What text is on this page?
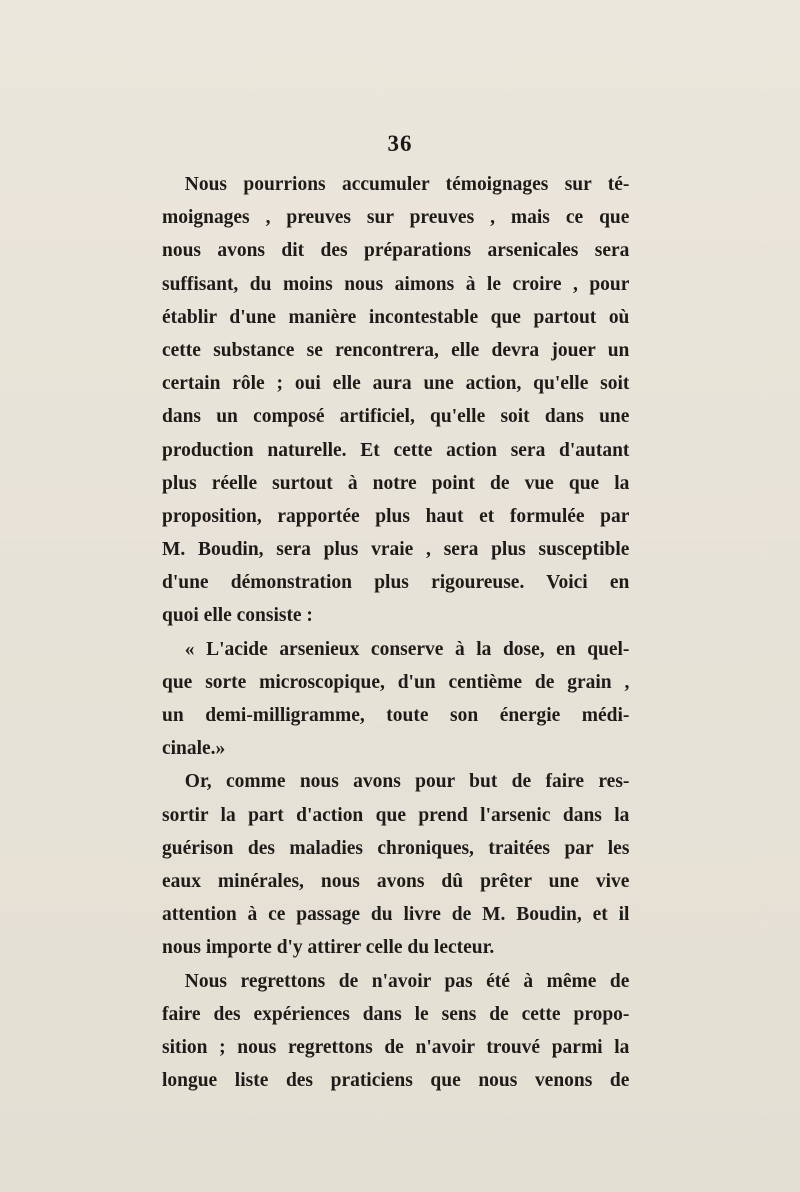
36
Nous pourrions accumuler témoignages sur té-
moignages , preuves sur preuves , mais ce que
nous avons dit des préparations arsenicales sera
suffisant, du moins nous aimons à le croire , pour
établir d'une manière incontestable que partout où
cette substance se rencontrera, elle devra jouer un
certain rôle ; oui elle aura une action, qu'elle soit
dans un composé artificiel, qu'elle soit dans une
production naturelle. Et cette action sera d'autant
plus réelle surtout à notre point de vue que la
proposition, rapportée plus haut et formulée par
M. Boudin, sera plus vraie , sera plus susceptible
d'une démonstration plus rigoureuse. Voici en
quoi elle consiste :
« L'acide arsenieux conserve à la dose, en quel-
que sorte microscopique, d'un centième de grain ,
un demi-milligramme, toute son énergie médi-
cinale.»
Or, comme nous avons pour but de faire res-
sortir la part d'action que prend l'arsenic dans la
guérison des maladies chroniques, traitées par les
eaux minérales, nous avons dû prêter une vive
attention à ce passage du livre de M. Boudin, et il
nous importe d'y attirer celle du lecteur.
Nous regrettons de n'avoir pas été à même de
faire des expériences dans le sens de cette propo-
sition ; nous regrettons de n'avoir trouvé parmi la
longue liste des praticiens que nous venons de
